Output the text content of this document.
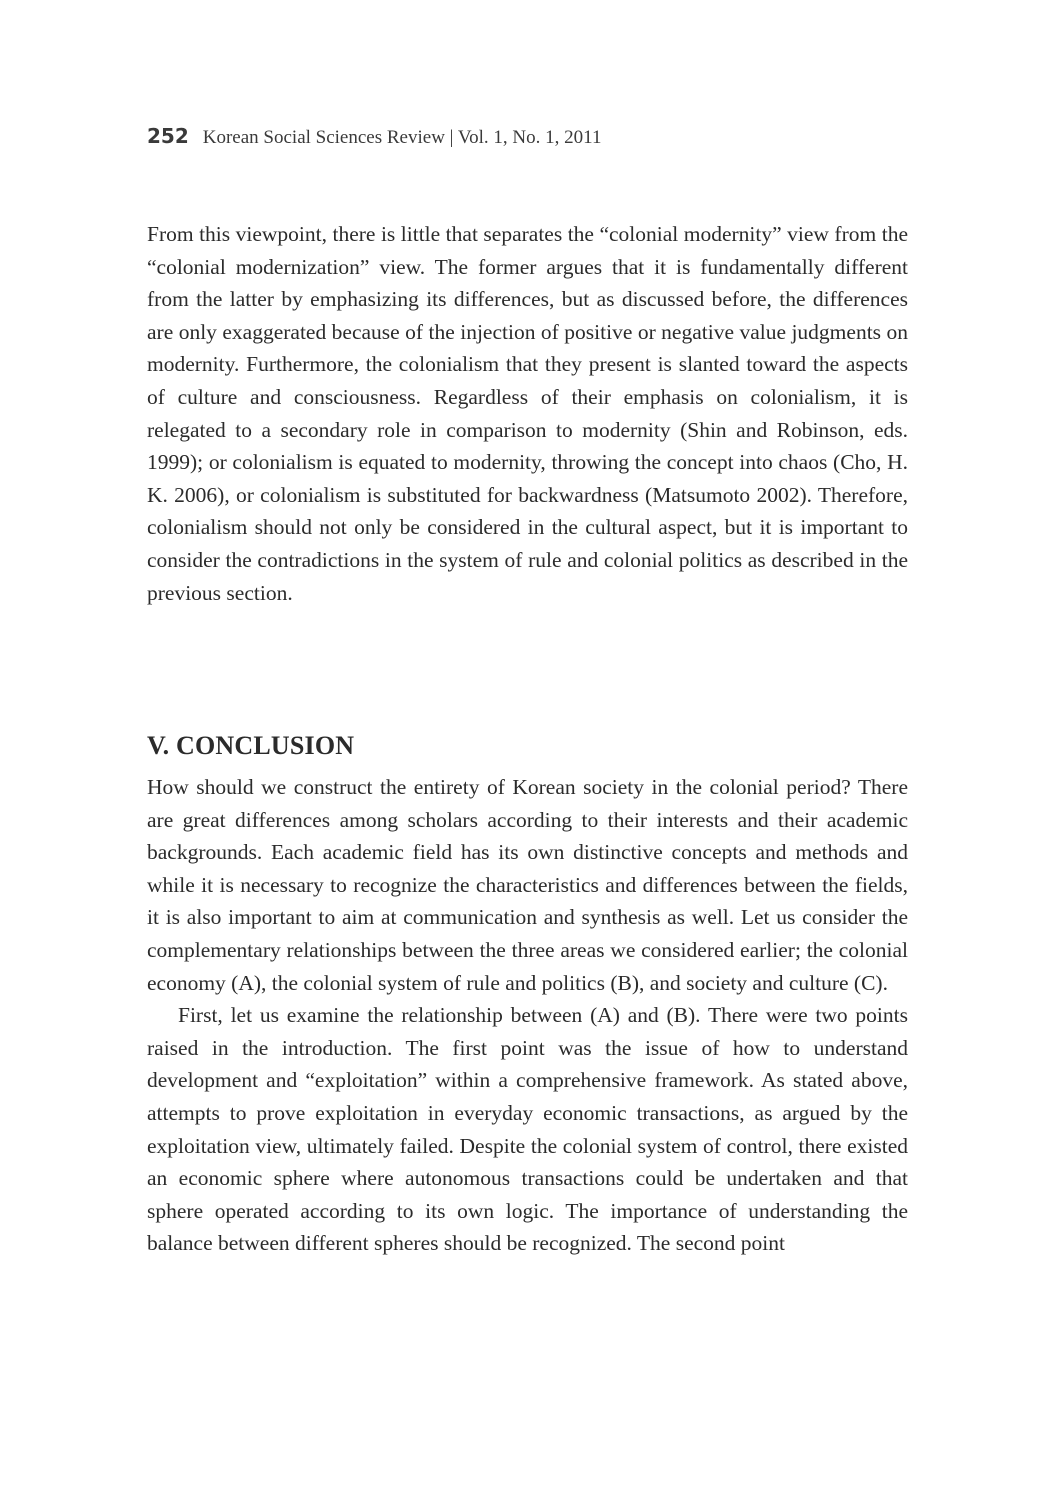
252 Korean Social Sciences Review | Vol. 1, No. 1, 2011

From this viewpoint, there is little that separates the “colonial modernity” view from the “colonial modernization” view. The former argues that it is fundamentally different from the latter by emphasizing its differences, but as discussed before, the differences are only exaggerated because of the injection of positive or negative value judgments on modernity. Furthermore, the colonialism that they present is slanted toward the aspects of culture and consciousness. Regardless of their emphasis on colonialism, it is relegated to a secondary role in comparison to modernity (Shin and Robinson, eds. 1999); or colonialism is equated to modernity, throwing the concept into chaos (Cho, H. K. 2006), or colonialism is substituted for backwardness (Matsumoto 2002). Therefore, colonialism should not only be considered in the cultural aspect, but it is important to consider the contradictions in the system of rule and colonial politics as described in the previous section.

V. CONCLUSION

How should we construct the entirety of Korean society in the colonial period? There are great differences among scholars according to their interests and their academic backgrounds. Each academic field has its own distinctive concepts and methods and while it is necessary to recognize the characteristics and differences between the fields, it is also important to aim at communication and synthesis as well. Let us consider the complementary relationships between the three areas we considered earlier; the colonial economy (A), the colonial system of rule and politics (B), and society and culture (C).

First, let us examine the relationship between (A) and (B). There were two points raised in the introduction. The first point was the issue of how to understand development and “exploitation” within a comprehensive framework. As stated above, attempts to prove exploitation in everyday economic transactions, as argued by the exploitation view, ultimately failed. Despite the colonial system of control, there existed an economic sphere where autonomous transactions could be undertaken and that sphere operated according to its own logic. The importance of understanding the balance between different spheres should be recognized. The second point
